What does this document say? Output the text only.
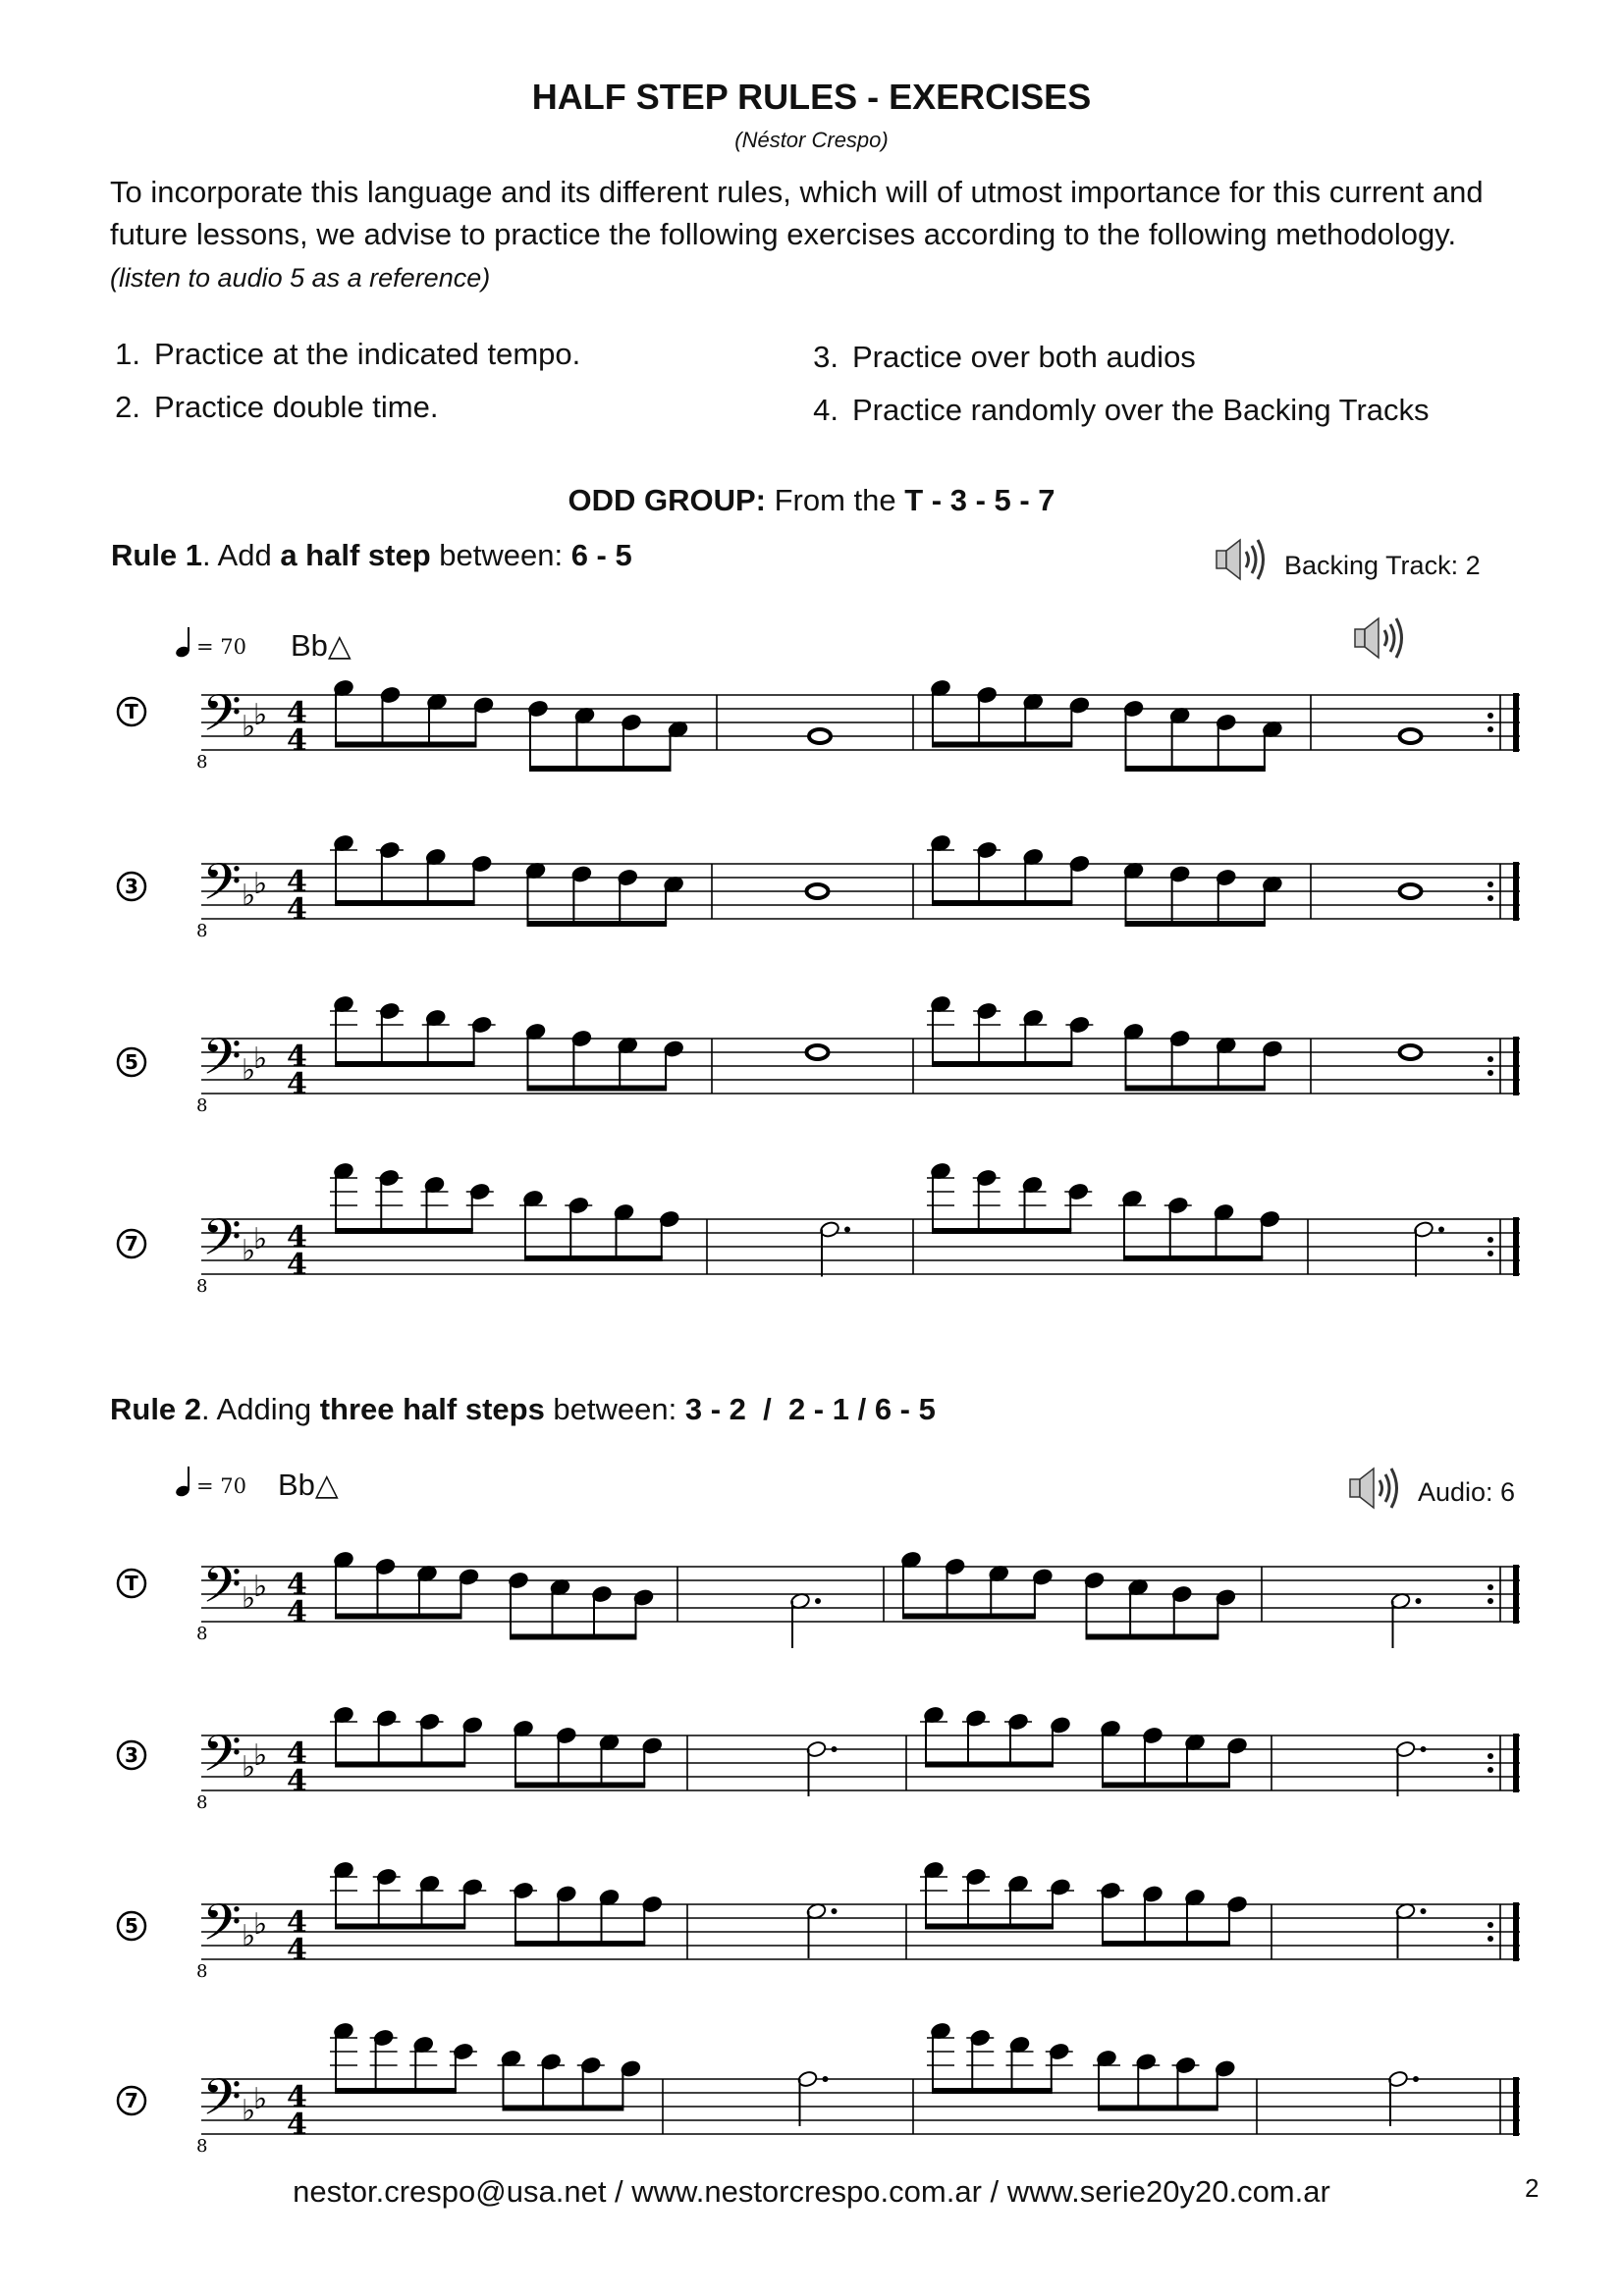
HALF STEP RULES - EXERCISES
(Néstor Crespo)
To incorporate this language and its different rules, which will of utmost importance for this current and future lessons, we advise to practice the following exercises according to the following methodology. (listen to audio 5 as a reference)
1. Practice at the indicated tempo.
2. Practice double time.
3. Practice over both audios
4. Practice randomly over the Backing Tracks
ODD GROUP: From the T - 3 - 5 - 7
Rule 1. Add a half step between: 6 - 5	Backing Track: 2
= 70 Bb△
𝄢
8
♭
♭ 4
4
𝄢
8
♭
♭ 4
4
𝄢
8
♭
♭ 4
4
𝄢
8
♭
♭ 4
4
T
3
5
7
Rule 2. Adding three half steps between: 3 - 2  /  2 - 1 / 6 - 5
= 70 Bb△	Audio: 6
𝄢
8
♭
♭ 4
4
𝄢
8
♭
♭ 4
4
𝄢
8
♭
♭ 4
4
𝄢
8
♭
♭ 4
4
T
3
5
7
nestor.crespo@usa.net / www.nestorcrespo.com.ar / www.serie20y20.com.ar	2
